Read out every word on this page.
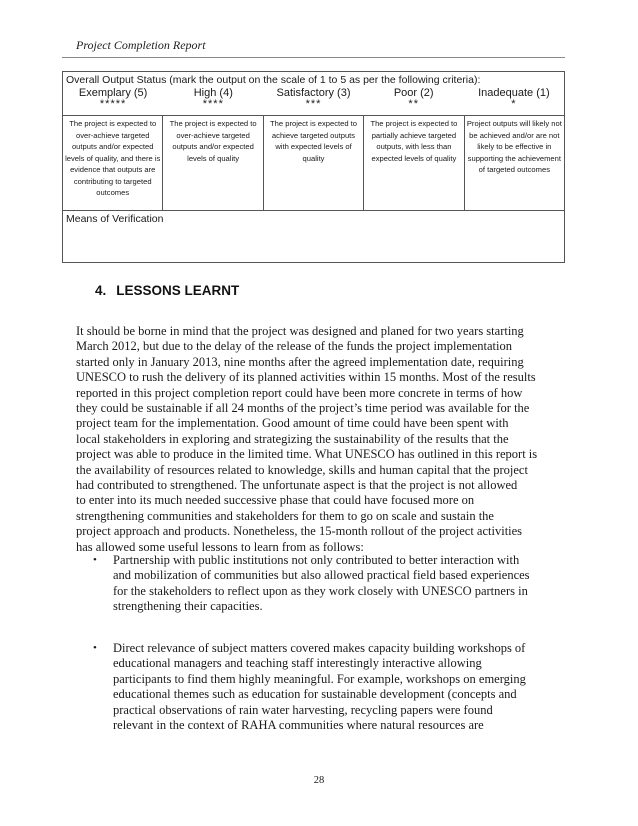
Project Completion Report
Overall Output Status (mark the output on the scale of 1 to 5 as per the following criteria):
Exemplary (5)
*****
High (4)
****
Satisfactory (3)
***
Poor (2)
**
Inadequate (1)
*
The project is expected to over-achieve targeted outputs and/or expected levels of quality, and there is evidence that outputs are contributing to targeted outcomes
The project is expected to over-achieve targeted outputs and/or expected levels of quality
The project is expected to achieve targeted outputs with expected levels of quality
The project is expected to partially achieve targeted outputs, with less than expected levels of quality
Project outputs will likely not be achieved and/or are not likely to be effective in supporting the achievement of targeted outcomes
Means of Verification
4. LESSONS LEARNT
It should be borne in mind that the project was designed and planed for two years starting
March 2012, but due to the delay of the release of the funds the project implementation
started only in January 2013, nine months after the agreed implementation date, requiring
UNESCO to rush the delivery of its planned activities within 15 months. Most of the results
reported in this project completion report could have been more concrete in terms of how
they could be sustainable if all 24 months of the project’s time period was available for the
project team for the implementation. Good amount of time could have been spent with
local stakeholders in exploring and strategizing the sustainability of the results that the
project was able to produce in the limited time. What UNESCO has outlined in this report is
the availability of resources related to knowledge, skills and human capital that the project
had contributed to strengthened. The unfortunate aspect is that the project is not allowed
to enter into its much needed successive phase that could have focused more on
strengthening communities and stakeholders for them to go on scale and sustain the
project approach and products. Nonetheless, the 15-month rollout of the project activities
has allowed some useful lessons to learn from as follows:
• Partnership with public institutions not only contributed to better interaction with
and mobilization of communities but also allowed practical field based experiences
for the stakeholders to reflect upon as they work closely with UNESCO partners in
strengthening their capacities.
• Direct relevance of subject matters covered makes capacity building workshops of
educational managers and teaching staff interestingly interactive allowing
participants to find them highly meaningful. For example, workshops on emerging
educational themes such as education for sustainable development (concepts and
practical observations of rain water harvesting, recycling papers were found
relevant in the context of RAHA communities where natural resources are
28
